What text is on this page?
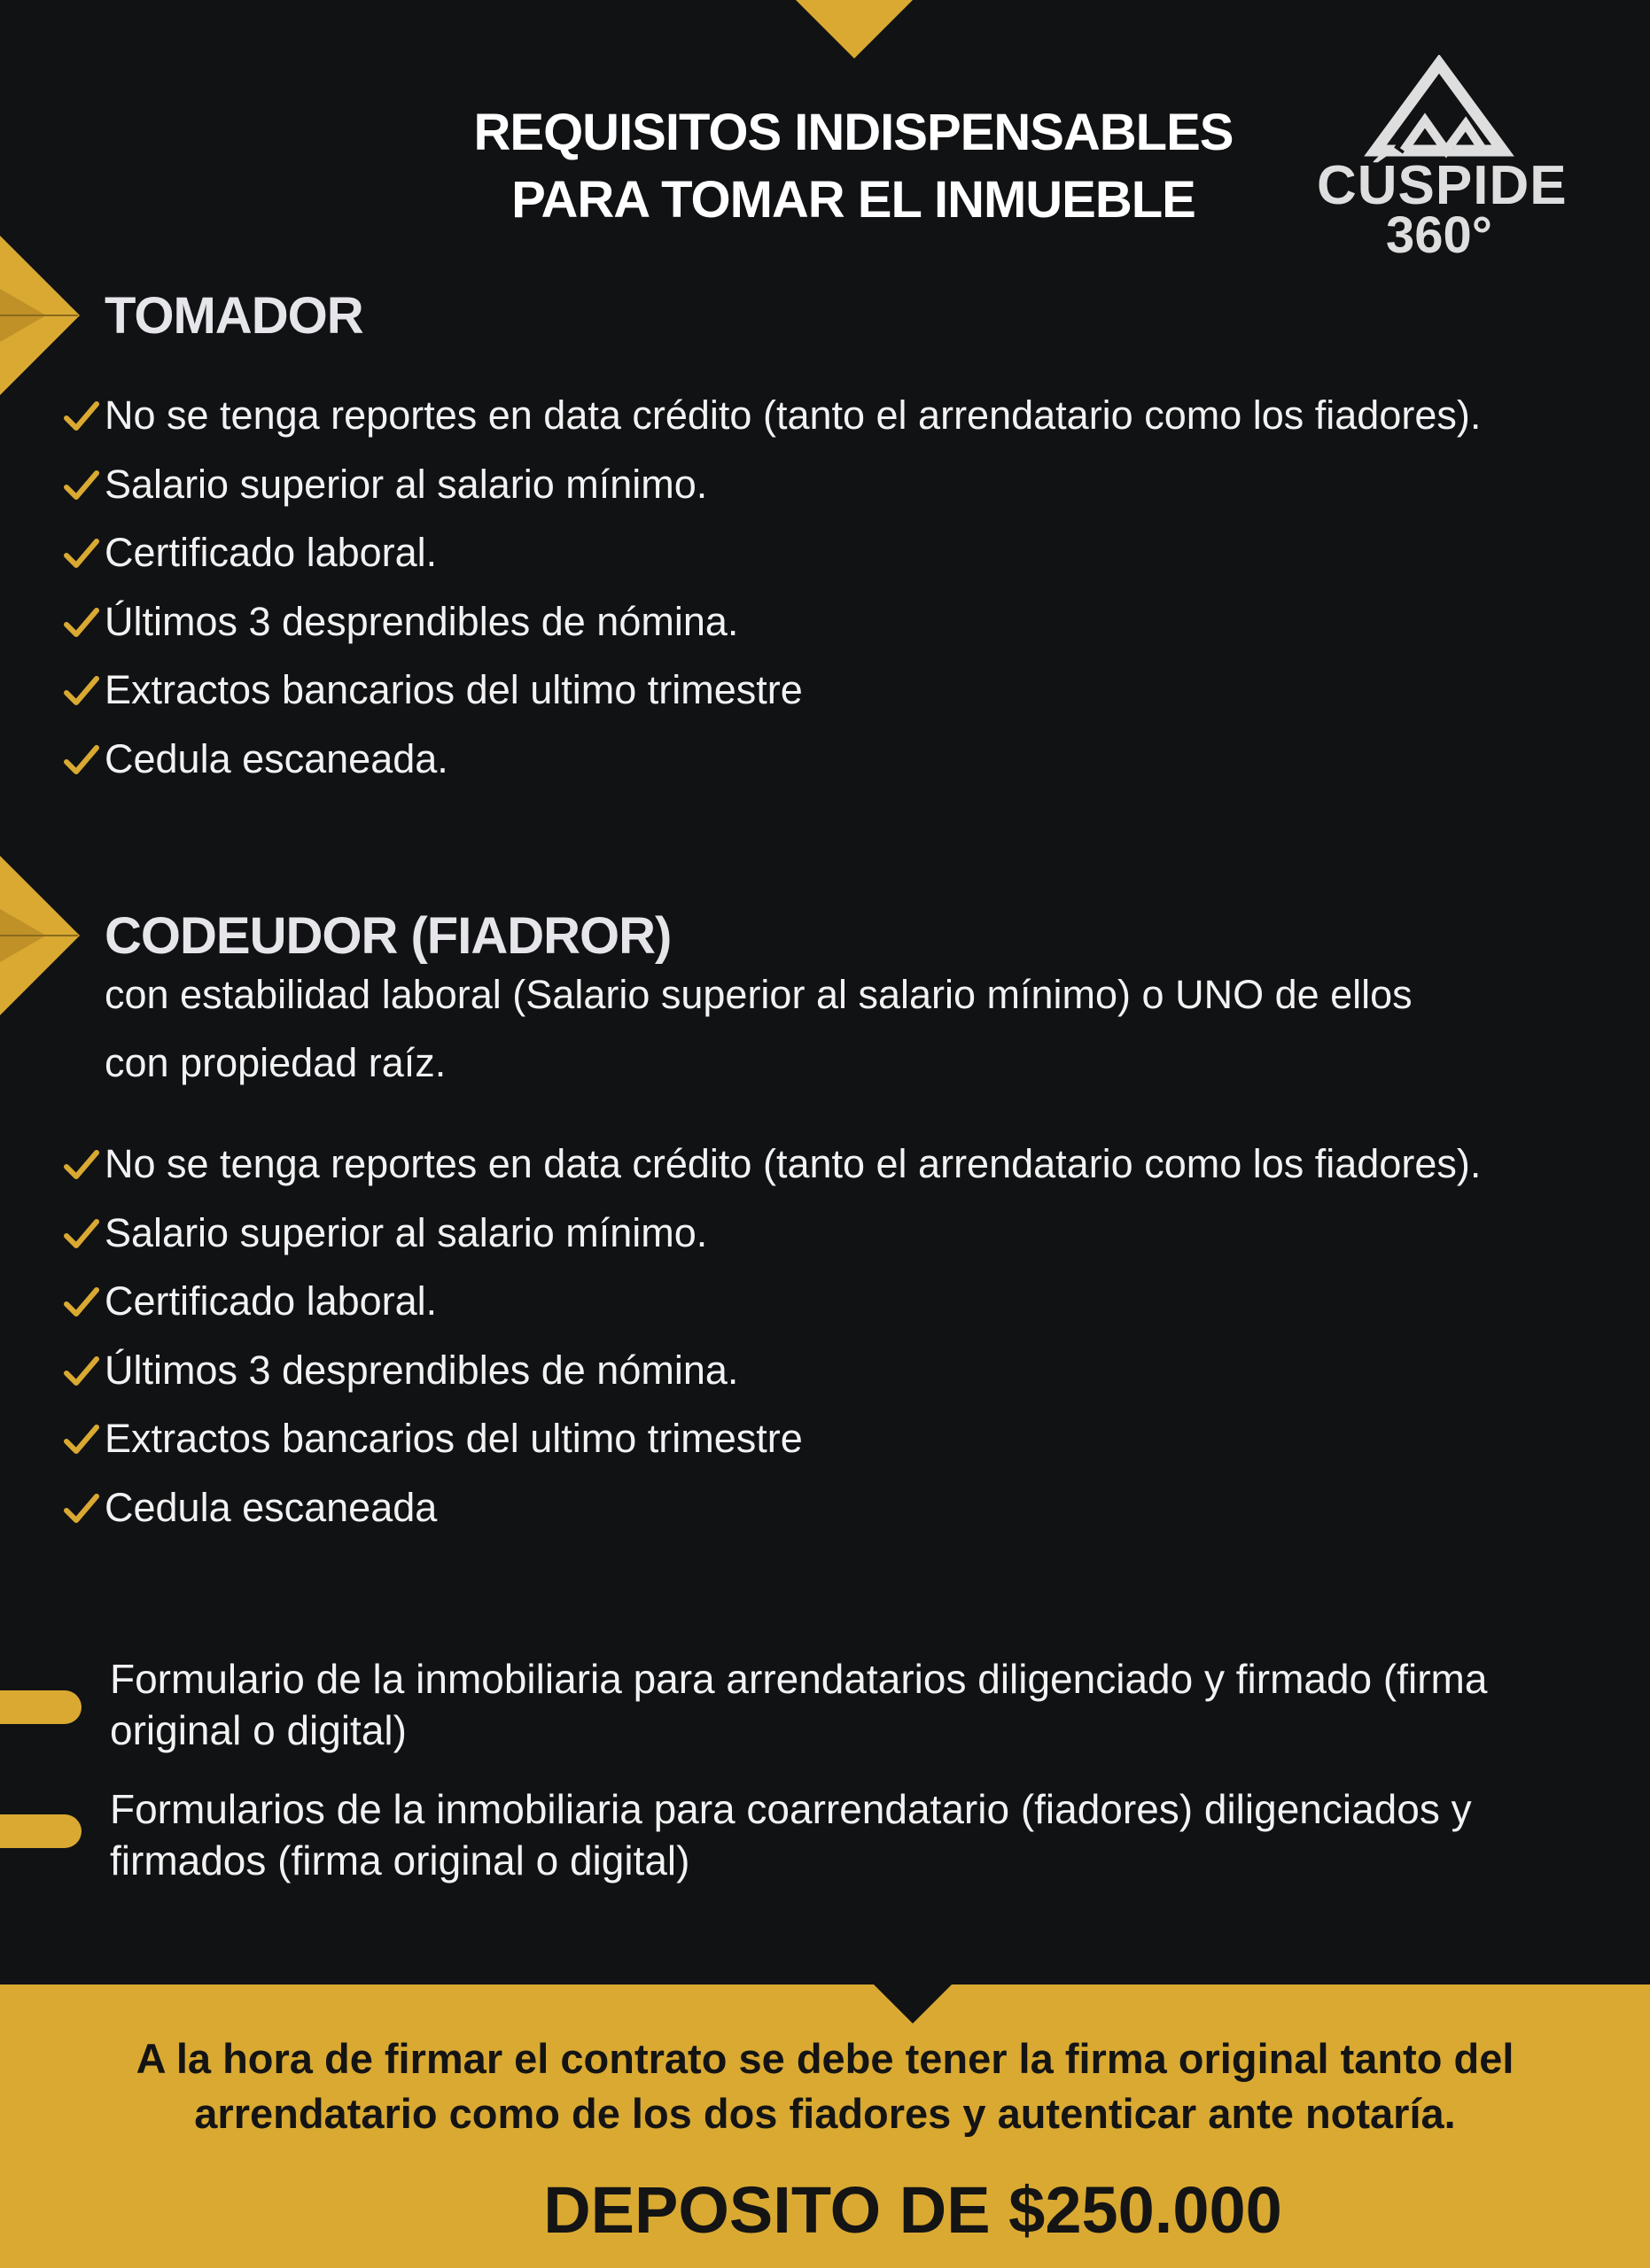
REQUISITOS INDISPENSABLES
PARA TOMAR EL INMUEBLE	CÚSPIDE
360°
TOMADOR
No se tenga reportes en data crédito (tanto el arrendatario como los fiadores).
Salario superior al salario mínimo.
Certificado laboral.
Últimos 3 desprendibles de nómina.
Extractos bancarios del ultimo trimestre
Cedula escaneada.
CODEUDOR (FIADROR)
con estabilidad laboral (Salario superior al salario mínimo) o UNO de ellos con propiedad raíz.
No se tenga reportes en data crédito (tanto el arrendatario como los fiadores).
Salario superior al salario mínimo.
Certificado laboral.
Últimos 3 desprendibles de nómina.
Extractos bancarios del ultimo trimestre
Cedula escaneada
Formulario de la inmobiliaria para arrendatarios diligenciado y firmado (firma original o digital)
Formularios de la inmobiliaria para coarrendatario (fiadores) diligenciados y firmados (firma original o digital)
A la hora de firmar el contrato se debe tener la firma original tanto del arrendatario como de los dos fiadores y autenticar ante notaría.
DEPOSITO DE $250.000
